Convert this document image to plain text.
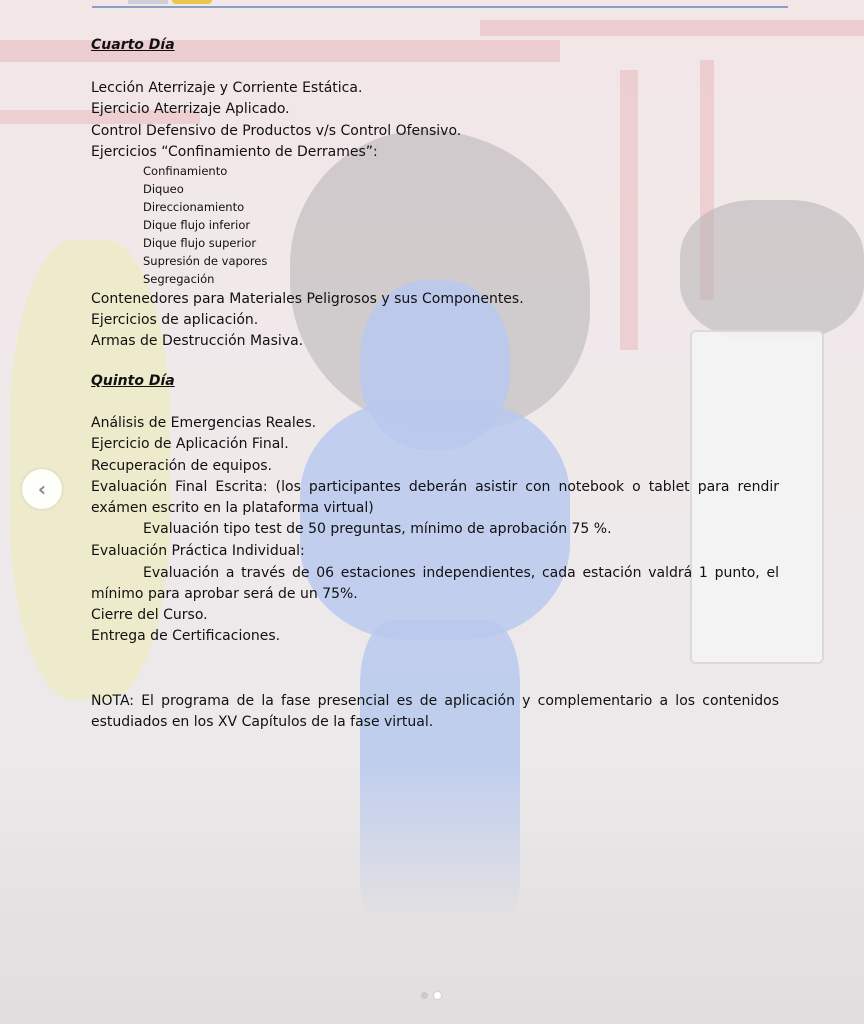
Cuarto Día
Lección Aterrizaje y Corriente Estática.
Ejercicio Aterrizaje Aplicado.
Control Defensivo de Productos v/s Control Ofensivo.
Ejercicios “Confinamiento de Derrames”:
Confinamiento
Diqueo
Direccionamiento
Dique flujo inferior
Dique flujo superior
Supresión de vapores
Segregación
Contenedores para Materiales Peligrosos y sus Componentes.
Ejercicios de aplicación.
Armas de Destrucción Masiva.
Quinto Día
Análisis de Emergencias Reales.
Ejercicio de Aplicación Final.
Recuperación de equipos.
Evaluación Final Escrita: (los participantes deberán asistir con notebook o tablet para rendir
exámen escrito en la plataforma virtual)
Evaluación tipo test de 50 preguntas, mínimo de aprobación 75 %.
Evaluación Práctica Individual:
Evaluación a través de 06 estaciones independientes, cada estación valdrá 1 punto, el
mínimo para aprobar será de un 75%.
Cierre del Curso.
Entrega de Certificaciones.
NOTA: El programa de la fase presencial es de aplicación y complementario a los contenidos
estudiados en los XV Capítulos de la fase virtual.
‹
